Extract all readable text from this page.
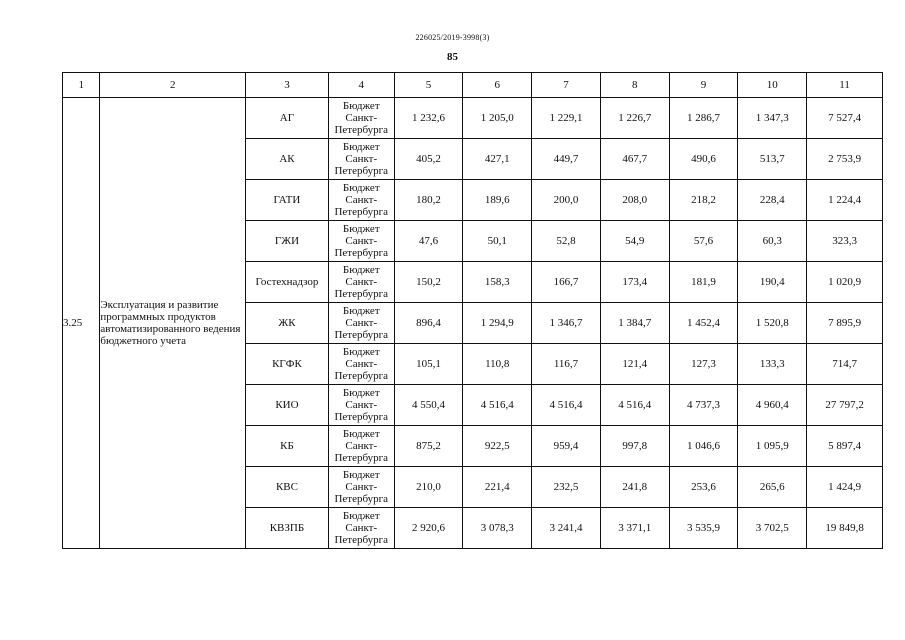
226025/2019-3998(3)
85
1	2	3	4	5	6	7	8	9	10	11
3.25	Эксплуатация и развитие программных продуктов автоматизированного ведения бюджетного учета	АГ	Бюджет
Санкт-
Петербурга	1 232,6	1 205,0	1 229,1	1 226,7	1 286,7	1 347,3	7 527,4
		АК	Бюджет
Санкт-
Петербурга	405,2	427,1	449,7	467,7	490,6	513,7	2 753,9
		ГАТИ	Бюджет
Санкт-
Петербурга	180,2	189,6	200,0	208,0	218,2	228,4	1 224,4
		ГЖИ	Бюджет
Санкт-
Петербурга	47,6	50,1	52,8	54,9	57,6	60,3	323,3
		Гостехнадзор	Бюджет
Санкт-
Петербурга	150,2	158,3	166,7	173,4	181,9	190,4	1 020,9
		ЖК	Бюджет
Санкт-
Петербурга	896,4	1 294,9	1 346,7	1 384,7	1 452,4	1 520,8	7 895,9
		КГФК	Бюджет
Санкт-
Петербурга	105,1	110,8	116,7	121,4	127,3	133,3	714,7
		КИО	Бюджет
Санкт-
Петербурга	4 550,4	4 516,4	4 516,4	4 516,4	4 737,3	4 960,4	27 797,2
		КБ	Бюджет
Санкт-
Петербурга	875,2	922,5	959,4	997,8	1 046,6	1 095,9	5 897,4
		КВС	Бюджет
Санкт-
Петербурга	210,0	221,4	232,5	241,8	253,6	265,6	1 424,9
		КВЗПБ	Бюджет
Санкт-
Петербурга	2 920,6	3 078,3	3 241,4	3 371,1	3 535,9	3 702,5	19 849,8
